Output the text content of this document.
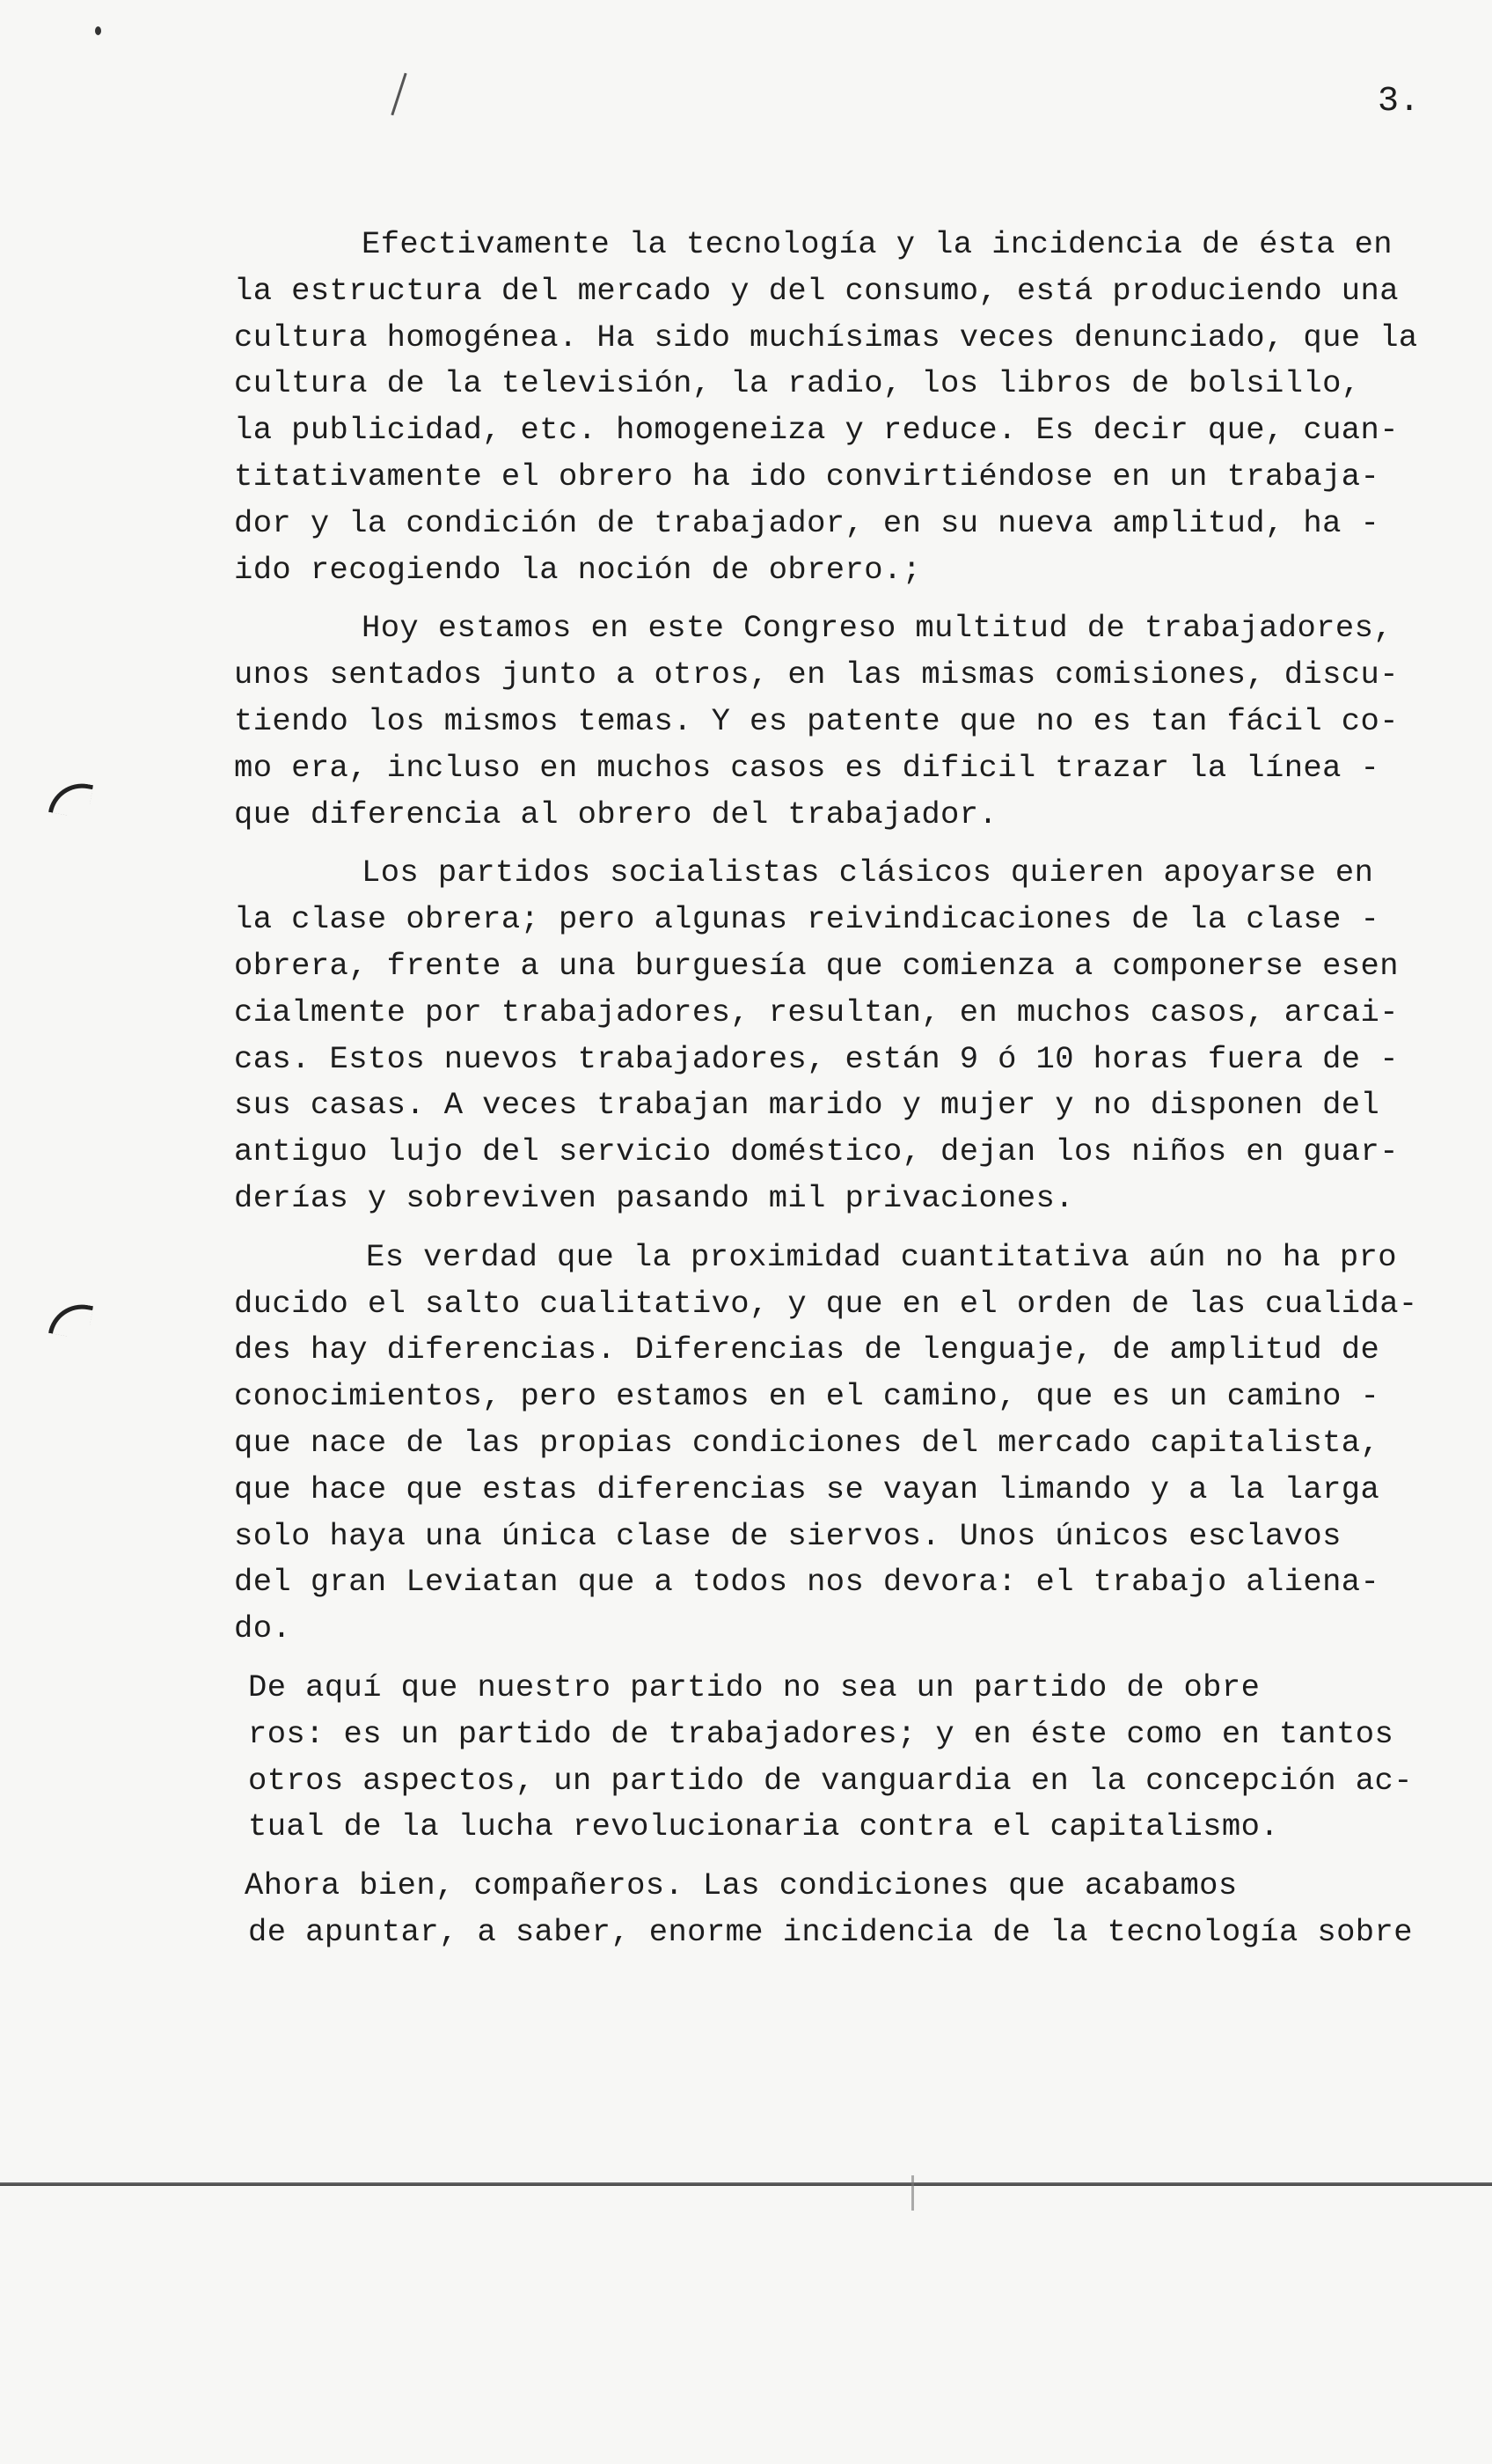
3.
Efectivamente la tecnología y la incidencia de ésta en
la estructura del mercado y del consumo, está produciendo una
cultura homogénea. Ha sido muchísimas veces denunciado, que la
cultura de la televisión, la radio, los libros de bolsillo,
la publicidad, etc. homogeneiza y reduce. Es decir que, cuan-
titativamente el obrero ha ido convirtiéndose en un trabaja-
dor y la condición de trabajador, en su nueva amplitud, ha -
ido recogiendo la noción de obrero.;
Hoy estamos en este Congreso multitud de trabajadores,
unos sentados junto a otros, en las mismas comisiones, discu-
tiendo los mismos temas. Y es patente que no es tan fácil co-
mo era, incluso en muchos casos es dificil trazar la línea -
que diferencia al obrero del trabajador.
Los partidos socialistas clásicos quieren apoyarse en
la clase obrera; pero algunas reivindicaciones de la clase -
obrera, frente a una burguesía que comienza a componerse esen
cialmente por trabajadores, resultan, en muchos casos, arcai-
cas. Estos nuevos trabajadores, están 9 ó 10 horas fuera de -
sus casas. A veces trabajan marido y mujer y no disponen del
antiguo lujo del servicio doméstico, dejan los niños en guar-
derías y sobreviven pasando mil privaciones.
Es verdad que la proximidad cuantitativa aún no ha pro
ducido el salto cualitativo, y que en el orden de las cualida-
des hay diferencias. Diferencias de lenguaje, de amplitud de
conocimientos, pero estamos en el camino, que es un camino -
que nace de las propias condiciones del mercado capitalista,
que hace que estas diferencias se vayan limando y a la larga
solo haya una única clase de siervos. Unos únicos esclavos
del gran Leviatan que a todos nos devora: el trabajo aliena-
do.
De aquí que nuestro partido no sea un partido de obre
ros: es un partido de trabajadores; y en éste como en tantos
otros aspectos, un partido de vanguardia en la concepción ac-
tual de la lucha revolucionaria contra el capitalismo.
Ahora bien, compañeros. Las condiciones que acabamos
de apuntar, a saber, enorme incidencia de la tecnología sobre
